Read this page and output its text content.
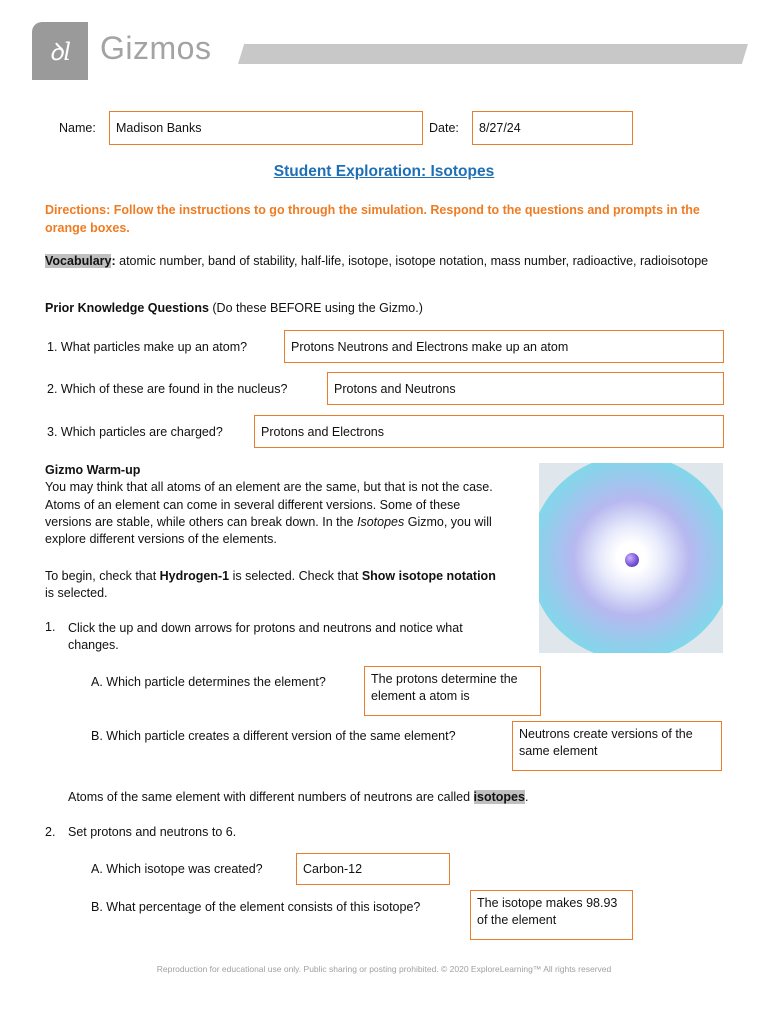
ꝺl Gizmos
Name:	Madison Banks	Date:	8/27/24
Student Exploration: Isotopes
Directions: Follow the instructions to go through the simulation. Respond to the questions and prompts in the orange boxes.
Vocabulary: atomic number, band of stability, half-life, isotope, isotope notation, mass number, radioactive, radioisotope
Prior Knowledge Questions (Do these BEFORE using the Gizmo.)
1. What particles make up an atom?	Protons Neutrons and Electrons make up an atom
2. Which of these are found in the nucleus?	Protons and Neutrons
3. Which particles are charged?	Protons and Electrons
Gizmo Warm-up
You may think that all atoms of an element are the same, but that is not the case. Atoms of an element can come in several different versions. Some of these versions are stable, while others can break down. In the Isotopes Gizmo, you will explore different versions of the elements.
To begin, check that Hydrogen-1 is selected. Check that Show isotope notation is selected.
1. Click the up and down arrows for protons and neutrons and notice what changes.
A. Which particle determines the element?	The protons determine the element a atom is
B. Which particle creates a different version of the same element?	Neutrons create versions of the same element
Atoms of the same element with different numbers of neutrons are called isotopes.
2. Set protons and neutrons to 6.
A. Which isotope was created?	Carbon-12
B. What percentage of the element consists of this isotope?	The isotope makes 98.93 of the element
Reproduction for educational use only. Public sharing or posting prohibited. © 2020 ExploreLearning™ All rights reserved
